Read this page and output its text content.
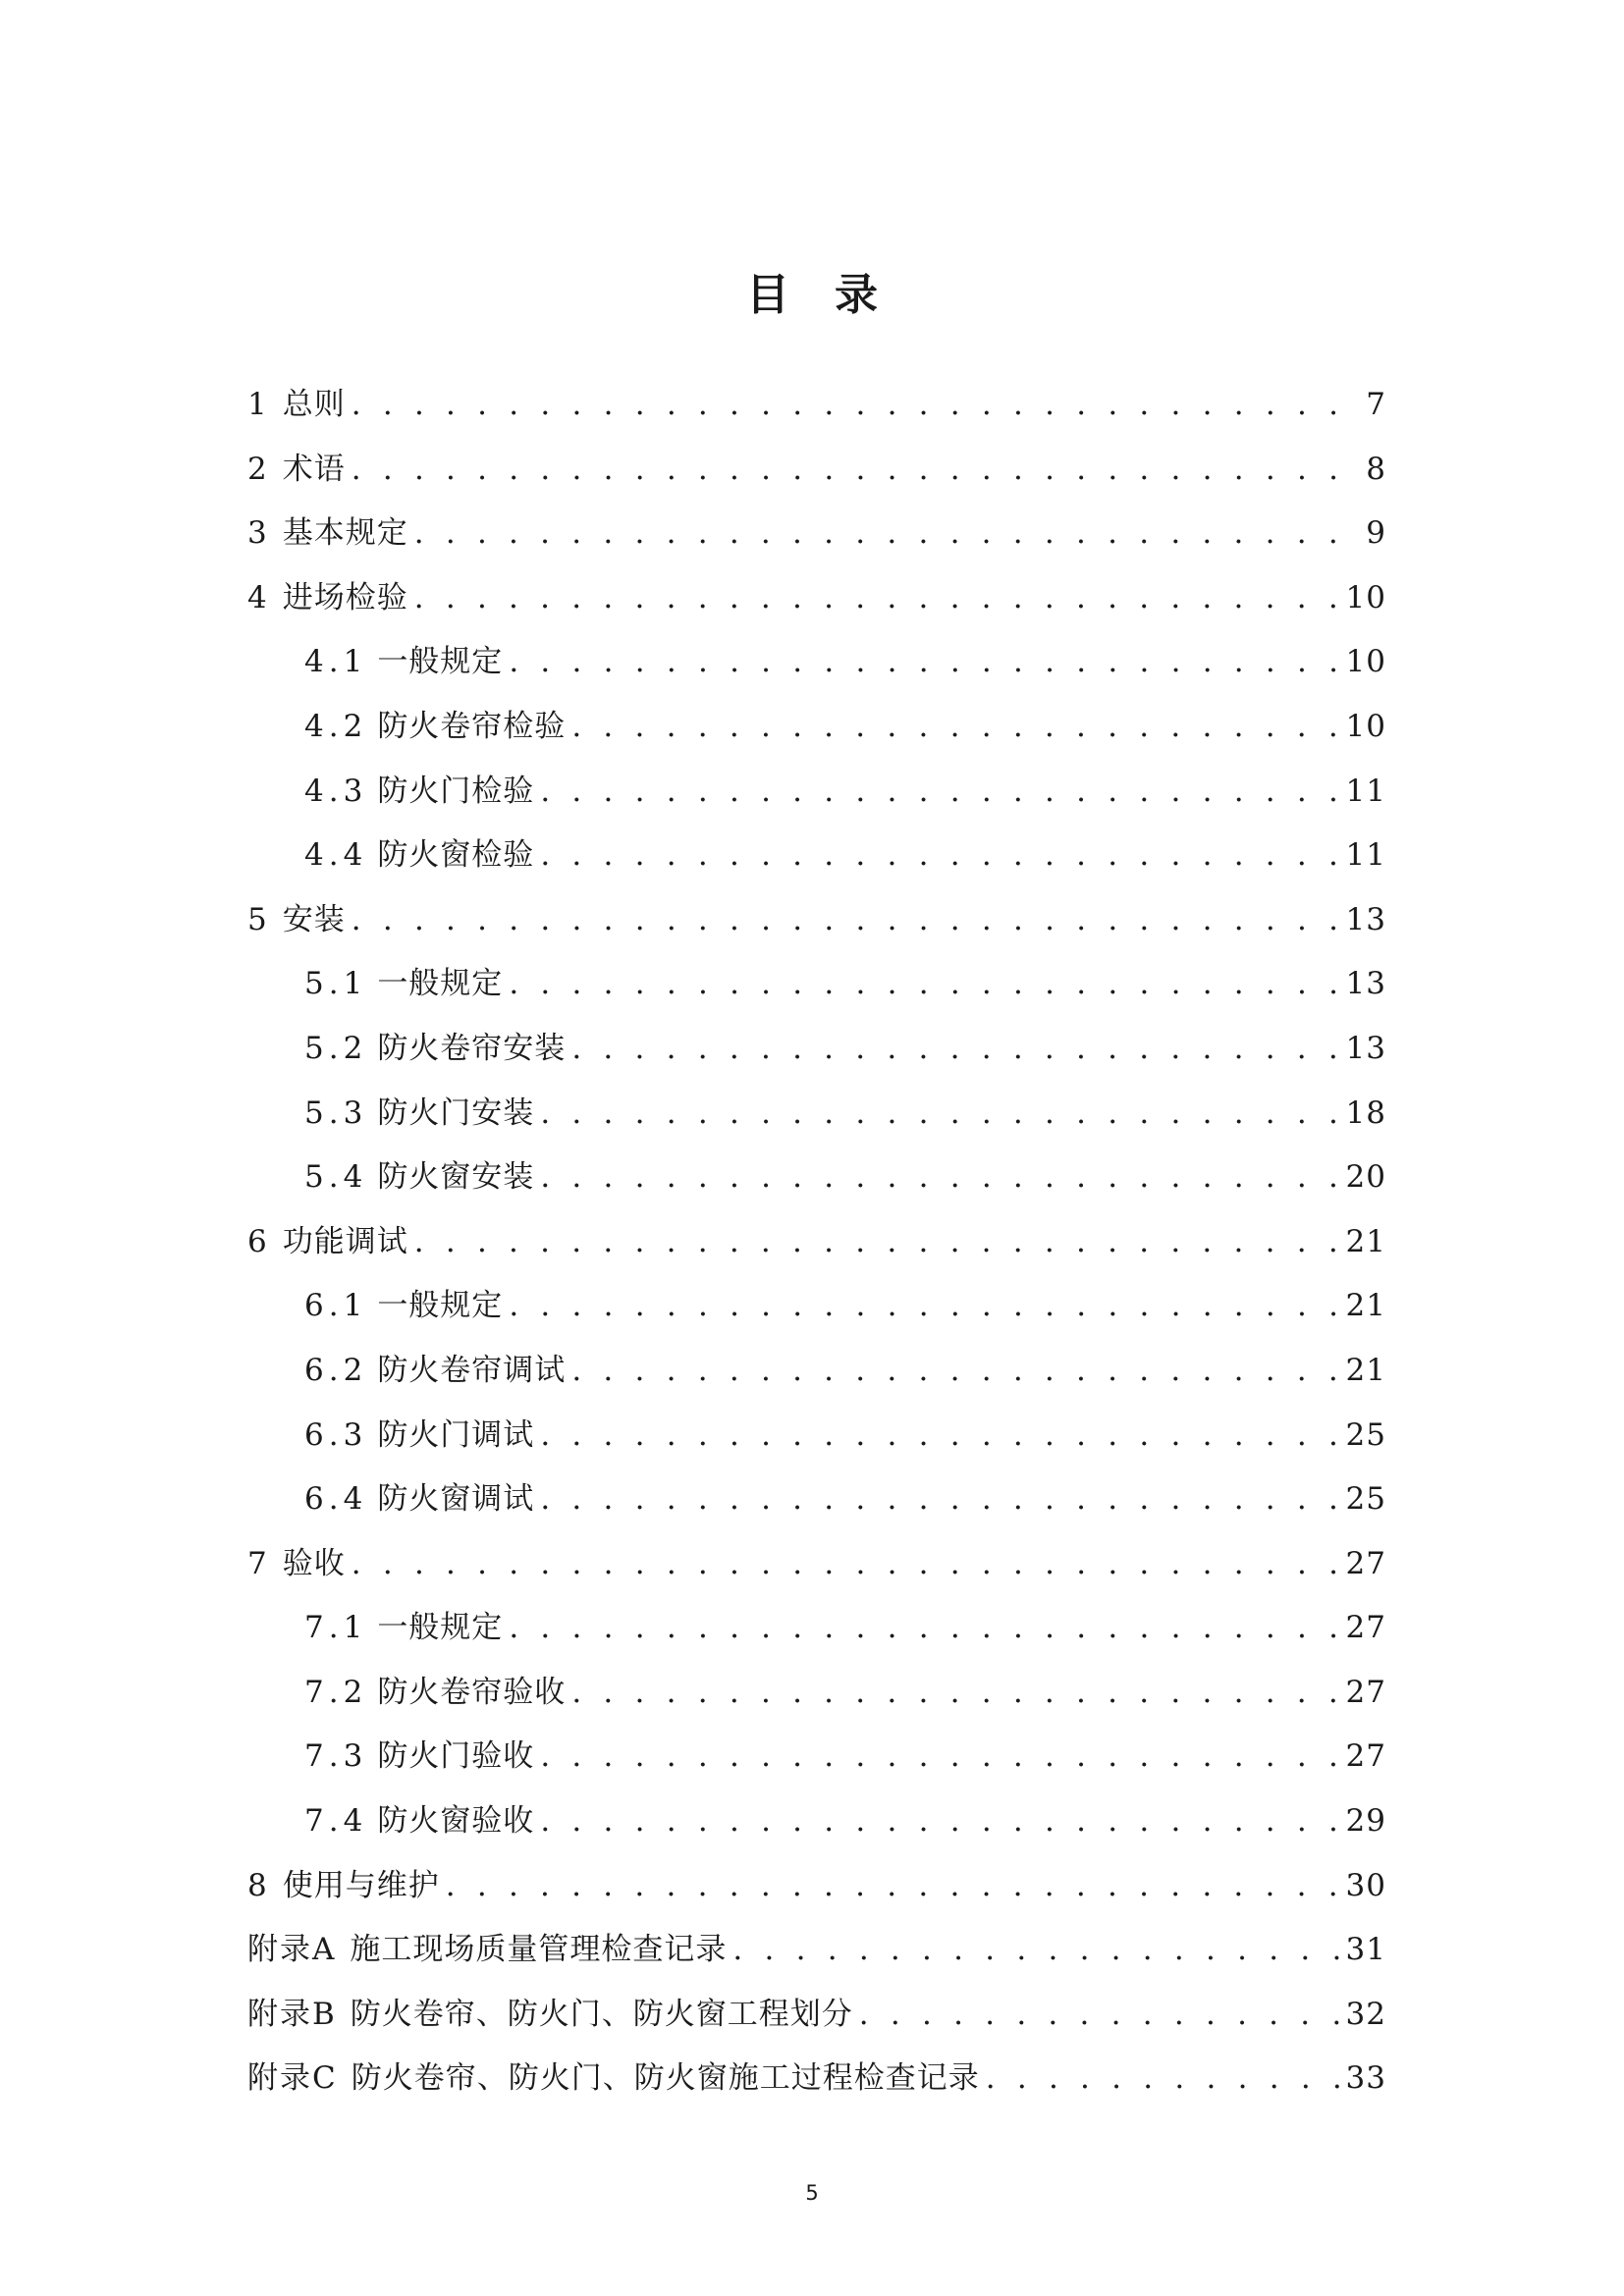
目录
1 总则 . . .	7
2 术语 . . .	8
3 基本规定 . . .	9
4 进场检验 . . .	10
4.1 一般规定 . . .	10
4.2 防火卷帘检验 . . .	10
4.3 防火门检验 . . .	11
4.4 防火窗检验 . . .	11
5 安装 . . .	13
5.1 一般规定 . . .	13
5.2 防火卷帘安装 . . .	13
5.3 防火门安装 . . .	18
5.4 防火窗安装 . . .	20
6 功能调试 . . .	21
6.1 一般规定 . . .	21
6.2 防火卷帘调试 . . .	21
6.3 防火门调试 . . .	25
6.4 防火窗调试 . . .	25
7 验收 . . .	27
7.1 一般规定 . . .	27
7.2 防火卷帘验收 . . .	27
7.3 防火门验收 . . .	27
7.4 防火窗验收 . . .	29
8 使用与维护 . . .	30
附录A 施工现场质量管理检查记录 . . .	31
附录B 防火卷帘、防火门、防火窗工程划分 . . .	32
附录C 防火卷帘、防火门、防火窗施工过程检查记录 . . .	33
5
